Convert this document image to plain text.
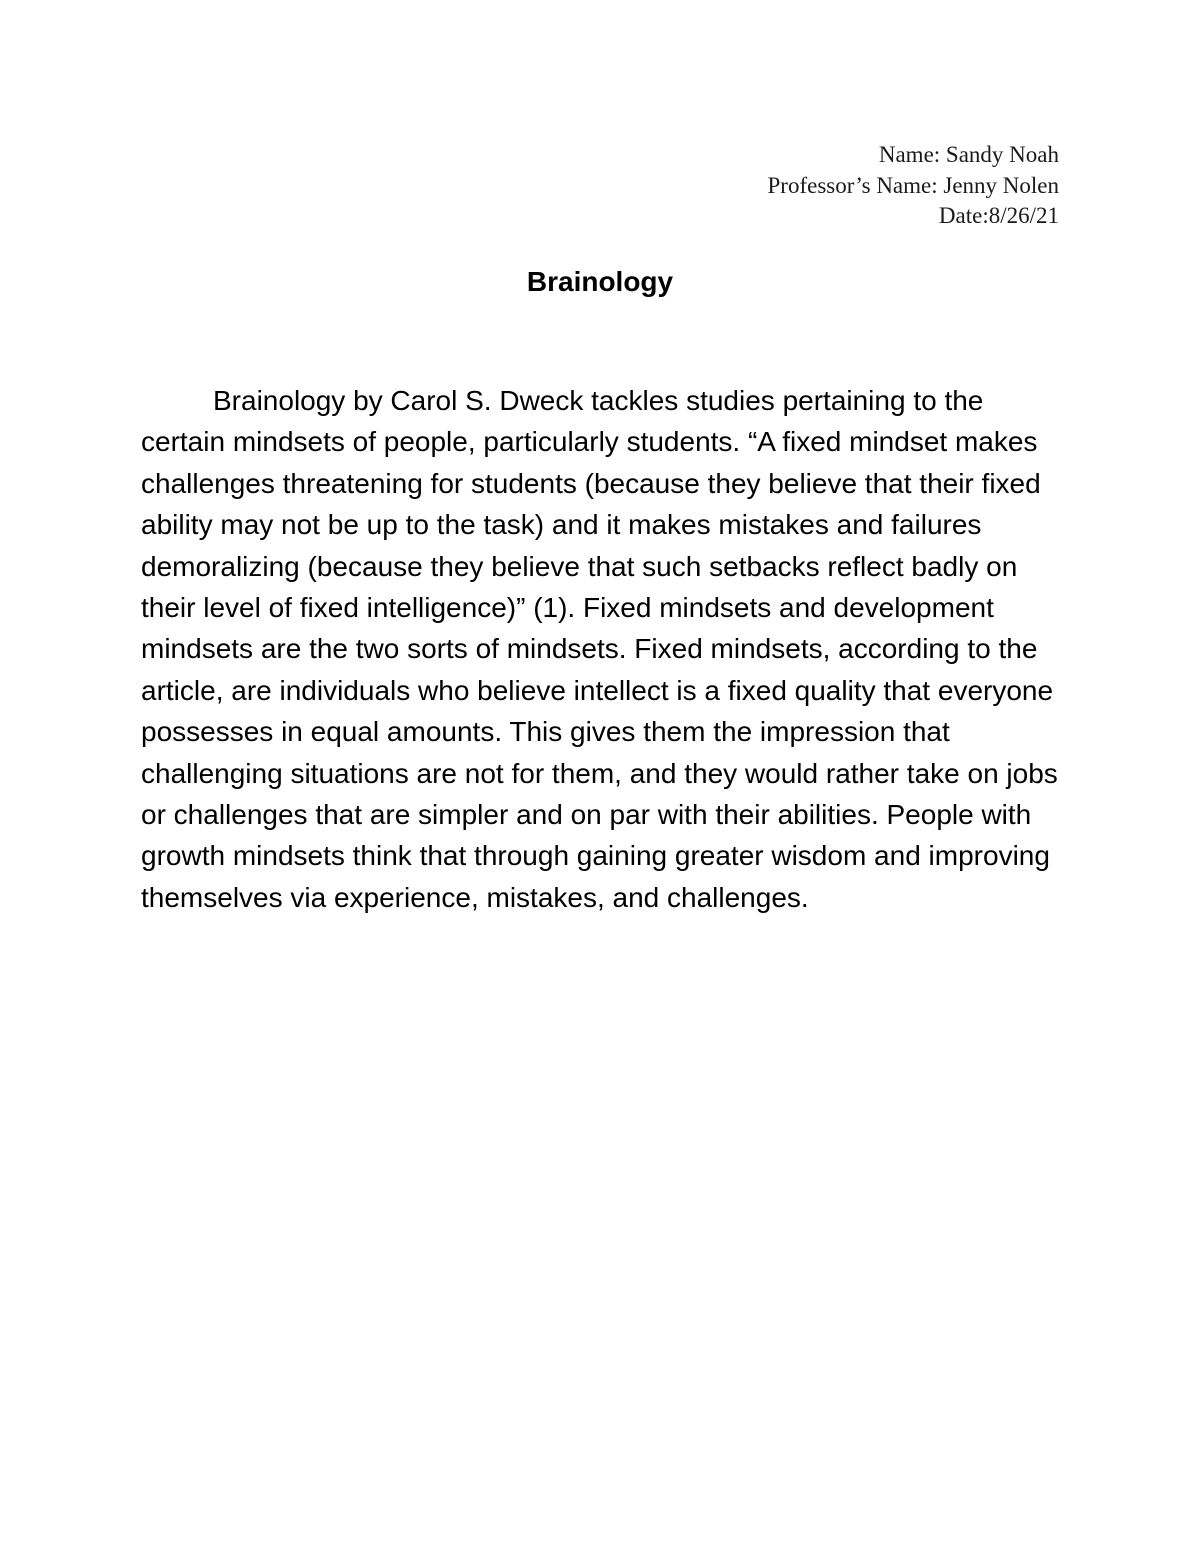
Name: Sandy Noah
Professor’s Name: Jenny Nolen
Date:8/26/21
Brainology

Brainology by Carol S. Dweck tackles studies pertaining to the certain mindsets of people, particularly students. “A fixed mindset makes challenges threatening for students (because they believe that their fixed ability may not be up to the task) and it makes mistakes and failures demoralizing (because they believe that such setbacks reflect badly on their level of fixed intelligence)” (1). Fixed mindsets and development mindsets are the two sorts of mindsets. Fixed mindsets, according to the article, are individuals who believe intellect is a fixed quality that everyone possesses in equal amounts. This gives them the impression that challenging situations are not for them, and they would rather take on jobs or challenges that are simpler and on par with their abilities. People with growth mindsets think that through gaining greater wisdom and improving themselves via experience, mistakes, and challenges.
